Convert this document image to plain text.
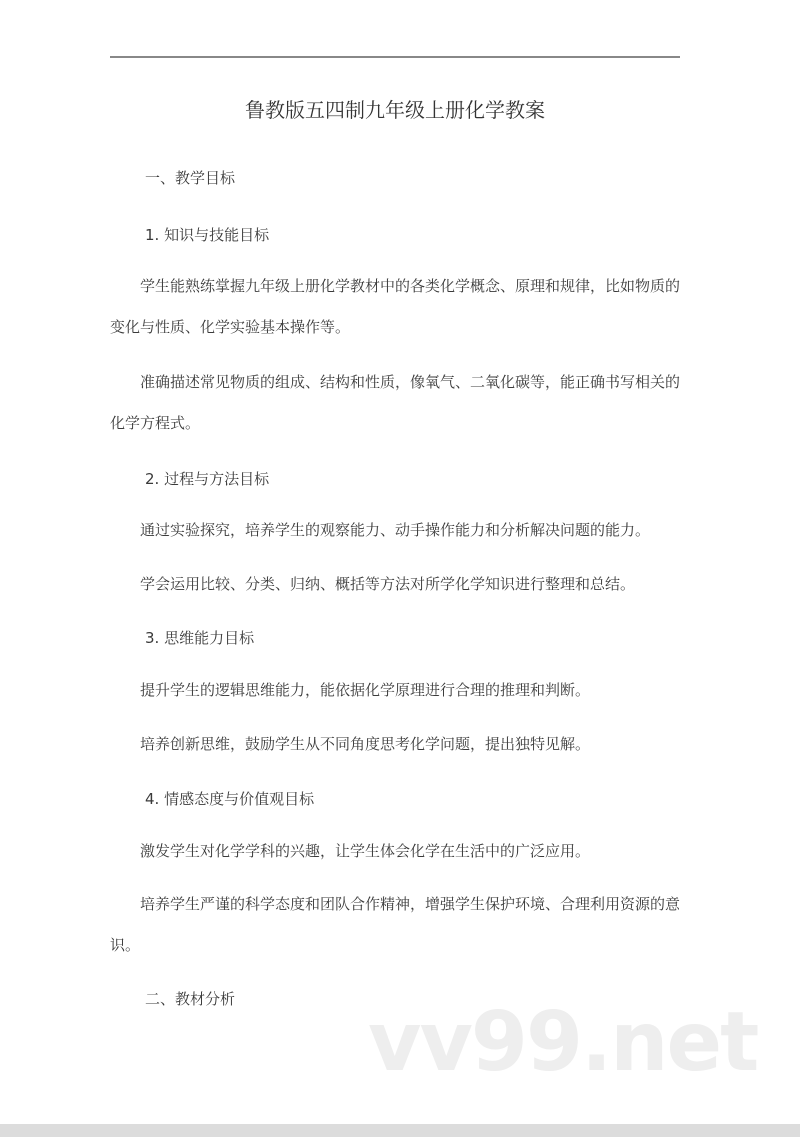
鲁教版五四制九年级上册化学教案
一、教学目标
1. 知识与技能目标
学生能熟练掌握九年级上册化学教材中的各类化学概念、原理和规律，比如物质的变化与性质、化学实验基本操作等。
准确描述常见物质的组成、结构和性质，像氧气、二氧化碳等，能正确书写相关的化学方程式。
2. 过程与方法目标
通过实验探究，培养学生的观察能力、动手操作能力和分析解决问题的能力。
学会运用比较、分类、归纳、概括等方法对所学化学知识进行整理和总结。
3. 思维能力目标
提升学生的逻辑思维能力，能依据化学原理进行合理的推理和判断。
培养创新思维，鼓励学生从不同角度思考化学问题，提出独特见解。
4. 情感态度与价值观目标
激发学生对化学学科的兴趣，让学生体会化学在生活中的广泛应用。
培养学生严谨的科学态度和团队合作精神，增强学生保护环境、合理利用资源的意识。
二、教材分析 vv99.net
